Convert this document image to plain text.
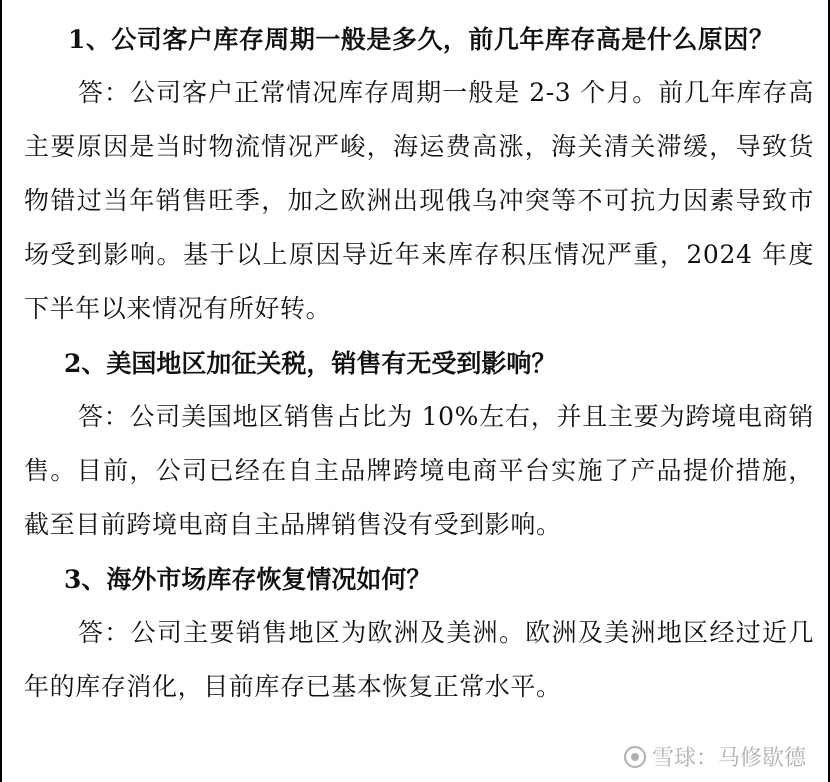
1、公司客户库存周期一般是多久，前几年库存高是什么原因？

答：公司客户正常情况库存周期一般是 2-3 个月。前几年库存高主要原因是当时物流情况严峻，海运费高涨，海关清关滞缓，导致货物错过当年销售旺季，加之欧洲出现俄乌冲突等不可抗力因素导致市场受到影响。基于以上原因导近年来库存积压情况严重，2024 年度下半年以来情况有所好转。

2、美国地区加征关税，销售有无受到影响？

答：公司美国地区销售占比为 10%左右，并且主要为跨境电商销售。目前，公司已经在自主品牌跨境电商平台实施了产品提价措施，截至目前跨境电商自主品牌销售没有受到影响。

3、海外市场库存恢复情况如何？

答：公司主要销售地区为欧洲及美洲。欧洲及美洲地区经过近几年的库存消化，目前库存已基本恢复正常水平。

雪球：马修歇德
